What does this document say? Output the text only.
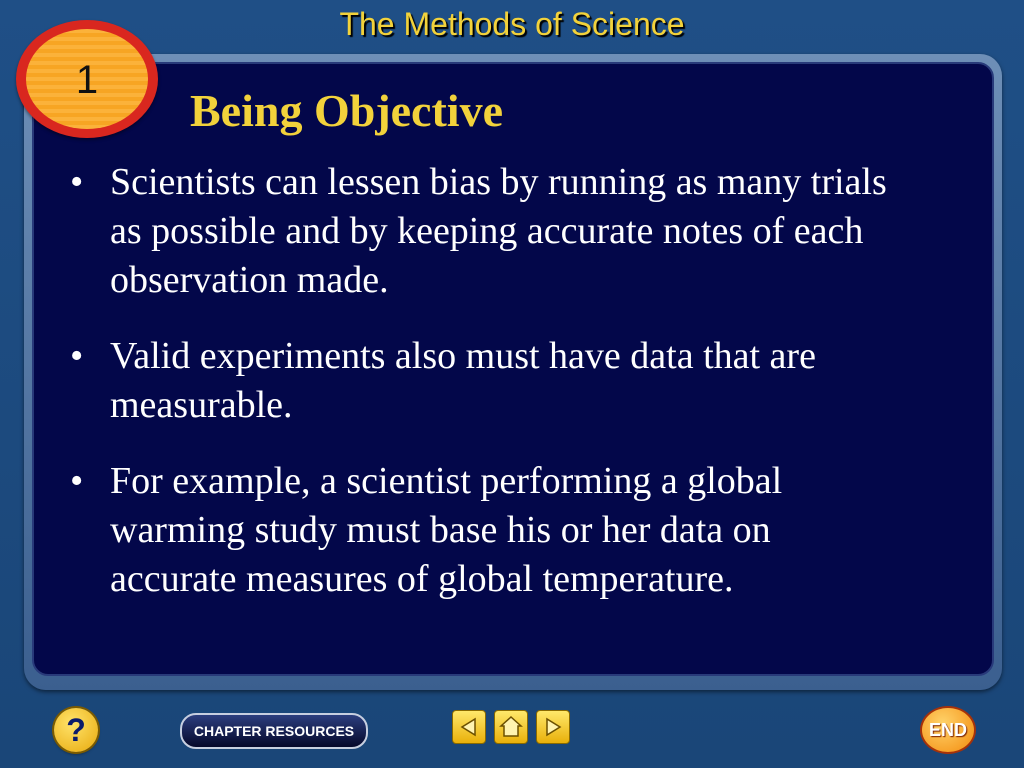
The Methods of Science
1
Being Objective
• Scientists can lessen bias by running as many trials as possible and by keeping accurate notes of each observation made.
• Valid experiments also must have data that are measurable.
• For example, a scientist performing a global warming study must base his or her data on accurate measures of global temperature.
?	CHAPTER RESOURCES	END
